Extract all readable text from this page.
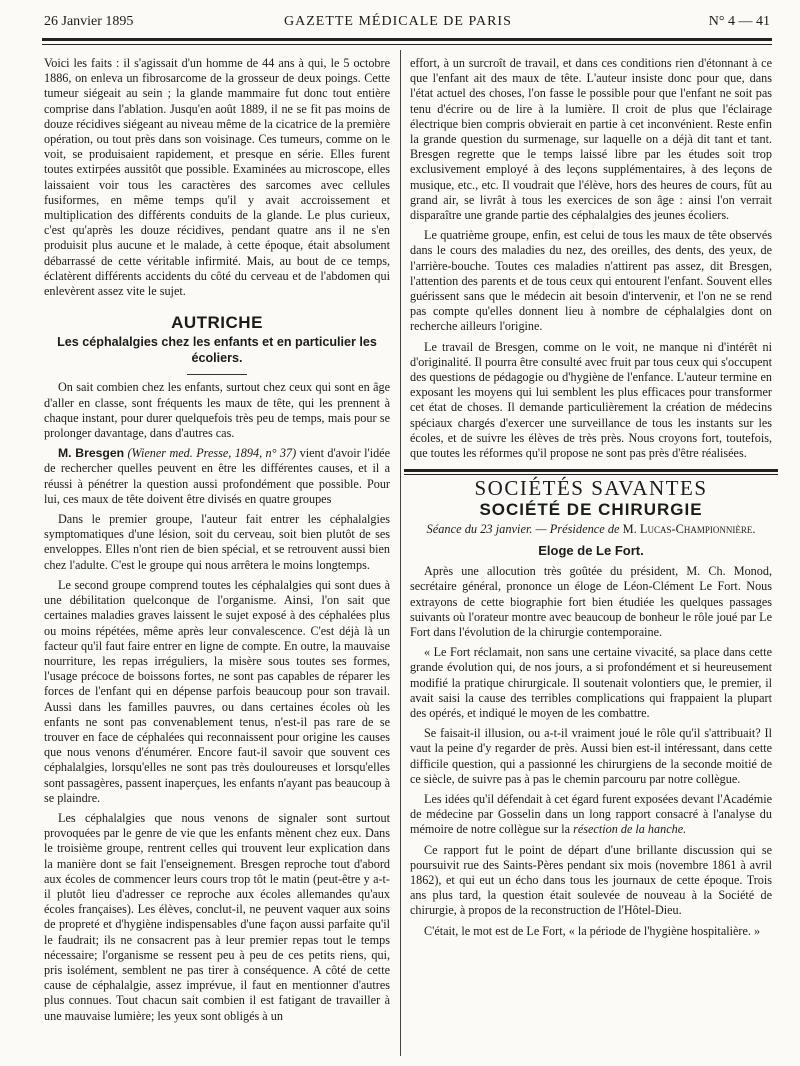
26 Janvier 1895	GAZETTE MÉDICALE DE PARIS	N° 4 — 41

Voici les faits : il s'agissait d'un homme de 44 ans à qui, le 5 octobre 1886, on enleva un fibrosarcome de la grosseur de deux poings. Cette tumeur siégeait au sein ; la glande mammaire fut donc tout entière comprise dans l'ablation. Jusqu'en août 1889, il ne se fit pas moins de douze récidives siégeant au niveau même de la cicatrice de la première opération, ou tout près dans son voisinage. Ces tumeurs, comme on le voit, se produisaient rapidement, et presque en série. Elles furent toutes extirpées aussitôt que possible. Examinées au microscope, elles laissaient voir tous les caractères des sarcomes avec cellules fusiformes, en même temps qu'il y avait accroissement et multiplication des différents conduits de la glande. Le plus curieux, c'est qu'après les douze récidives, pendant quatre ans il ne s'en produisit plus aucune et le malade, à cette époque, était absolument débarrassé de cette véritable infirmité. Mais, au bout de ce temps, éclatèrent différents accidents du côté du cerveau et de l'abdomen qui enlevèrent assez vite le sujet.

AUTRICHE
Les céphalalgies chez les enfants et en particulier les écoliers.

On sait combien chez les enfants, surtout chez ceux qui sont en âge d'aller en classe, sont fréquents les maux de tête, qui les prennent à chaque instant, pour durer quelquefois très peu de temps, mais pour se prolonger davantage, dans d'autres cas.

M. Bresgen (Wiener med. Presse, 1894, n° 37) vient d'avoir l'idée de rechercher quelles peuvent en être les différentes causes, et il a réussi à pénétrer la question aussi profondément que possible. Pour lui, ces maux de tête doivent être divisés en quatre groupes

Dans le premier groupe, l'auteur fait entrer les céphalalgies symptomatiques d'une lésion, soit du cerveau, soit bien plutôt de ses enveloppes. Elles n'ont rien de bien spécial, et se retrouvent aussi bien chez l'adulte. C'est le groupe qui nous arrêtera le moins longtemps.

Le second groupe comprend toutes les céphalalgies qui sont dues à une débilitation quelconque de l'organisme. Ainsi, l'on sait que certaines maladies graves laissent le sujet exposé à des céphalées plus ou moins répétées, même après leur convalescence. C'est déjà là un facteur qu'il faut faire entrer en ligne de compte. En outre, la mauvaise nourriture, les repas irréguliers, la misère sous toutes ses formes, l'usage précoce de boissons fortes, ne sont pas capables de réparer les forces de l'enfant qui en dépense parfois beaucoup pour son travail. Aussi dans les familles pauvres, ou dans certaines écoles où les enfants ne sont pas convenablement tenus, n'est-il pas rare de se trouver en face de céphalées qui reconnaissent pour origine les causes que nous venons d'énumérer. Encore faut-il savoir que souvent ces céphalalgies, lorsqu'elles ne sont pas très douloureuses et lorsqu'elles sont passagères, passent inaperçues, les enfants n'ayant pas beaucoup à se plaindre.

Les céphalalgies que nous venons de signaler sont surtout provoquées par le genre de vie que les enfants mènent chez eux. Dans le troisième groupe, rentrent celles qui trouvent leur explication dans la manière dont se fait l'enseignement. Bresgen reproche tout d'abord aux écoles de commencer leurs cours trop tôt le matin (peut-être y a-t-il plutôt lieu d'adresser ce reproche aux écoles allemandes qu'aux écoles françaises). Les élèves, conclut-il, ne peuvent vaquer aux soins de propreté et d'hygiène indispensables d'une façon aussi parfaite qu'il le faudrait; ils ne consacrent pas à leur premier repas tout le temps nécessaire; l'organisme se ressent peu à peu de ces petits riens, qui, pris isolément, semblent ne pas tirer à conséquence. A côté de cette cause de céphalalgie, assez imprévue, il faut en mentionner d'autres plus connues. Tout chacun sait combien il est fatigant de travailler à une mauvaise lumière; les yeux sont obligés à un

effort, à un surcroît de travail, et dans ces conditions rien d'étonnant à ce que l'enfant ait des maux de tête. L'auteur insiste donc pour que, dans l'état actuel des choses, l'on fasse le possible pour que l'enfant ne soit pas tenu d'écrire ou de lire à la lumière. Il croit de plus que l'éclairage électrique bien compris obvierait en partie à cet inconvénient. Reste enfin la grande question du surmenage, sur laquelle on a déjà dit tant et tant. Bresgen regrette que le temps laissé libre par les études soit trop exclusivement employé à des leçons supplémentaires, à des leçons de musique, etc., etc. Il voudrait que l'élève, hors des heures de cours, fût au grand air, se livrât à tous les exercices de son âge : ainsi l'on verrait disparaître une grande partie des céphalalgies des jeunes écoliers.

Le quatrième groupe, enfin, est celui de tous les maux de tête observés dans le cours des maladies du nez, des oreilles, des dents, des yeux, de l'arrière-bouche. Toutes ces maladies n'attirent pas assez, dit Bresgen, l'attention des parents et de tous ceux qui entourent l'enfant. Souvent elles guérissent sans que le médecin ait besoin d'intervenir, et l'on ne se rend pas compte qu'elles donnent lieu à nombre de céphalalgies dont on recherche ailleurs l'origine.

Le travail de Bresgen, comme on le voit, ne manque ni d'intérêt ni d'originalité. Il pourra être consulté avec fruit par tous ceux qui s'occupent des questions de pédagogie ou d'hygiène de l'enfance. L'auteur termine en exposant les moyens qui lui semblent les plus efficaces pour transformer cet état de choses. Il demande particulièrement la création de médecins spéciaux chargés d'exercer une surveillance de tous les instants sur les écoles, et de suivre les élèves de très près. Nous croyons fort, toutefois, que toutes les réformes qu'il propose ne sont pas près d'être réalisées.

SOCIÉTÉS SAVANTES
SOCIÉTÉ DE CHIRURGIE
Séance du 23 janvier. — Présidence de M. Lucas-Championnière.
Eloge de Le Fort.

Après une allocution très goûtée du président, M. Ch. Monod, secrétaire général, prononce un éloge de Léon-Clément Le Fort. Nous extrayons de cette biographie fort bien étudiée les quelques passages suivants où l'orateur montre avec beaucoup de bonheur le rôle joué par Le Fort dans l'évolution de la chirurgie contemporaine.

« Le Fort réclamait, non sans une certaine vivacité, sa place dans cette grande évolution qui, de nos jours, a si profondément et si heureusement modifié la pratique chirurgicale. Il soutenait volontiers que, le premier, il avait saisi la cause des terribles complications qui frappaient la plupart des opérés, et indiqué le moyen de les combattre.

Se faisait-il illusion, ou a-t-il vraiment joué le rôle qu'il s'attribuait? Il vaut la peine d'y regarder de près. Aussi bien est-il intéressant, dans cette difficile question, qui a passionné les chirurgiens de la seconde moitié de ce siècle, de suivre pas à pas le chemin parcouru par notre collègue.

Les idées qu'il défendait à cet égard furent exposées devant l'Académie de médecine par Gosselin dans un long rapport consacré à l'analyse du mémoire de notre collègue sur la résection de la hanche.

Ce rapport fut le point de départ d'une brillante discussion qui se poursuivit rue des Saints-Pères pendant six mois (novembre 1861 à avril 1862), et qui eut un écho dans tous les journaux de cette époque. Trois ans plus tard, la question était soulevée de nouveau à la Société de chirurgie, à propos de la reconstruction de l'Hôtel-Dieu.

C'était, le mot est de Le Fort, « la période de l'hygiène hospitalière. »
